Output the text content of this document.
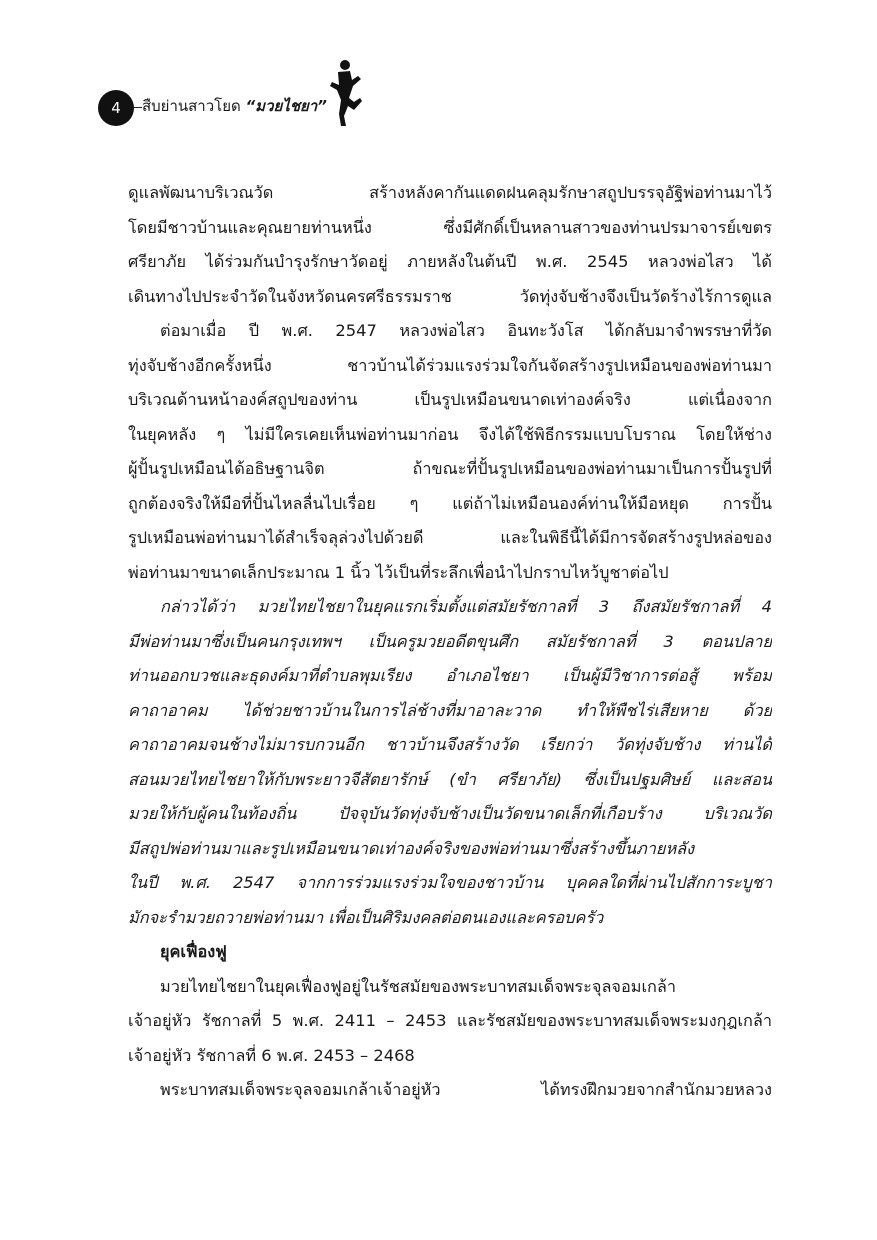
4	สืบย่านสาวโยด “มวยไชยา”
ดูแลพัฒนาบริเวณวัด สร้างหลังคากันแดดฝนคลุมรักษาสถูปบรรจุอัฐิพ่อท่านมาไว้
โดยมีชาวบ้านและคุณยายท่านหนึ่ง ซึ่งมีศักดิ์เป็นหลานสาวของท่านปรมาจารย์เขตร
ศรียาภัย ได้ร่วมกันบำรุงรักษาวัดอยู่ ภายหลังในต้นปี พ.ศ. 2545 หลวงพ่อไสว ได้
เดินทางไปประจำวัดในจังหวัดนครศรีธรรมราช วัดทุ่งจับช้างจึงเป็นวัดร้างไร้การดูแล
ต่อมาเมื่อ ปี พ.ศ. 2547 หลวงพ่อไสว อินทะวังโส ได้กลับมาจำพรรษาที่วัด
ทุ่งจับช้างอีกครั้งหนึ่ง ชาวบ้านได้ร่วมแรงร่วมใจกันจัดสร้างรูปเหมือนของพ่อท่านมา
บริเวณด้านหน้าองค์สถูปของท่าน เป็นรูปเหมือนขนาดเท่าองค์จริง แต่เนื่องจาก
ในยุคหลัง ๆ ไม่มีใครเคยเห็นพ่อท่านมาก่อน จึงได้ใช้พิธีกรรมแบบโบราณ โดยให้ช่าง
ผู้ปั้นรูปเหมือนได้อธิษฐานจิต ถ้าขณะที่ปั้นรูปเหมือนของพ่อท่านมาเป็นการปั้นรูปที่
ถูกต้องจริงให้มือที่ปั้นไหลลื่นไปเรื่อย ๆ แต่ถ้าไม่เหมือนองค์ท่านให้มือหยุด การปั้น
รูปเหมือนพ่อท่านมาได้สำเร็จลุล่วงไปด้วยดี และในพิธีนี้ได้มีการจัดสร้างรูปหล่อของ
พ่อท่านมาขนาดเล็กประมาณ 1 นิ้ว ไว้เป็นที่ระลึกเพื่อนำไปกราบไหว้บูชาต่อไป
กล่าวได้ว่า มวยไทยไชยาในยุคแรกเริ่มตั้งแต่สมัยรัชกาลที่ 3 ถึงสมัยรัชกาลที่ 4
มีพ่อท่านมาซึ่งเป็นคนกรุงเทพฯ เป็นครูมวยอดีตขุนศึก สมัยรัชกาลที่ 3 ตอนปลาย
ท่านออกบวชและธุดงค์มาที่ตำบลพุมเรียง อำเภอไชยา เป็นผู้มีวิชาการต่อสู้ พร้อม
คาถาอาคม ได้ช่วยชาวบ้านในการไล่ช้างที่มาอาละวาด ทำให้พืชไร่เสียหาย ด้วย
คาถาอาคมจนช้างไม่มารบกวนอีก ชาวบ้านจึงสร้างวัด เรียกว่า วัดทุ่งจับช้าง ท่านได้
สอนมวยไทยไชยาให้กับพระยาวจีสัตยารักษ์ (ขำ ศรียาภัย) ซึ่งเป็นปฐมศิษย์ และสอน
มวยให้กับผู้คนในท้องถิ่น ปัจจุบันวัดทุ่งจับช้างเป็นวัดขนาดเล็กที่เกือบร้าง บริเวณวัด
มีสถูปพ่อท่านมาและรูปเหมือนขนาดเท่าองค์จริงของพ่อท่านมาซึ่งสร้างขึ้นภายหลัง
ในปี พ.ศ. 2547 จากการร่วมแรงร่วมใจของชาวบ้าน บุคคลใดที่ผ่านไปสักการะบูชา
มักจะรำมวยถวายพ่อท่านมา เพื่อเป็นศิริมงคลต่อตนเองและครอบครัว
ยุคเฟื่องฟู
มวยไทยไชยาในยุคเฟื่องฟูอยู่ในรัชสมัยของพระบาทสมเด็จพระจุลจอมเกล้า
เจ้าอยู่หัว รัชกาลที่ 5 พ.ศ. 2411 – 2453 และรัชสมัยของพระบาทสมเด็จพระมงกุฎเกล้า
เจ้าอยู่หัว รัชกาลที่ 6 พ.ศ. 2453 – 2468
พระบาทสมเด็จพระจุลจอมเกล้าเจ้าอยู่หัว ได้ทรงฝึกมวยจากสำนักมวยหลวง
